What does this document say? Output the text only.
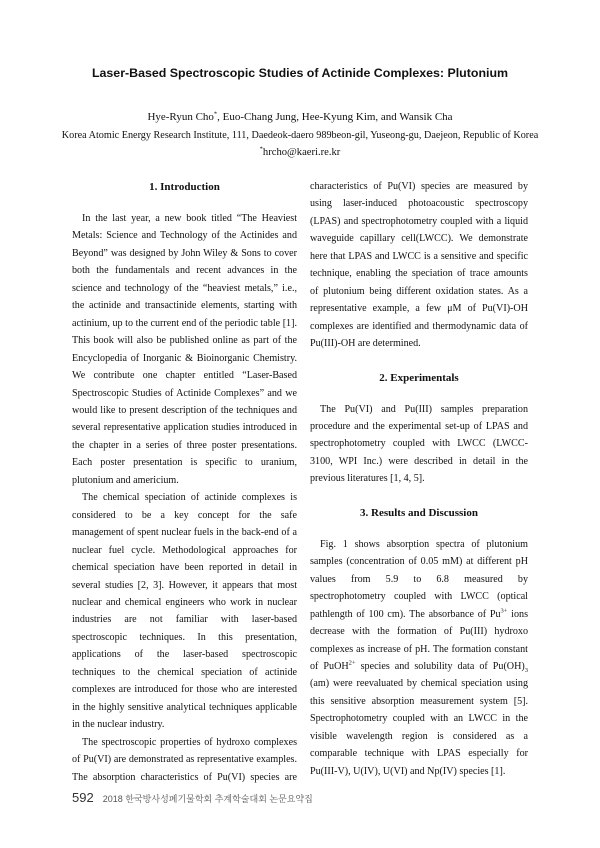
Laser-Based Spectroscopic Studies of Actinide Complexes: Plutonium
Hye-Ryun Cho*, Euo-Chang Jung, Hee-Kyung Kim, and Wansik Cha
Korea Atomic Energy Research Institute, 111, Daedeok-daero 989beon-gil, Yuseong-gu, Daejeon, Republic of Korea
*hrcho@kaeri.re.kr
1. Introduction

In the last year, a new book titled “The Heaviest Metals: Science and Technology of the Actinides and Beyond” was designed by John Wiley & Sons to cover both the fundamentals and recent advances in the science and technology of the “heaviest metals,” i.e., the actinide and transactinide elements, starting with actinium, up to the current end of the periodic table [1]. This book will also be published online as part of the Encyclopedia of Inorganic & Bioinorganic Chemistry. We contribute one chapter entitled “Laser-Based Spectroscopic Studies of Actinide Complexes” and we would like to present description of the techniques and several representative application studies introduced in the chapter in a series of three poster presentations. Each poster presentation is specific to uranium, plutonium and americium.

The chemical speciation of actinide complexes is considered to be a key concept for the safe management of spent nuclear fuels in the back-end of a nuclear fuel cycle. Methodological approaches for chemical speciation have been reported in detail in several studies [2, 3]. However, it appears that most nuclear and chemical engineers who work in nuclear industries are not familiar with laser-based spectroscopic techniques. In this presentation, applications of the laser-based spectroscopic techniques to the chemical speciation of actinide complexes are introduced for those who are interested in the highly sensitive analytical techniques applicable in the nuclear industry.

The spectroscopic properties of hydroxo complexes of Pu(VI) are demonstrated as representative examples. The absorption characteristics of Pu(VI) species are

characteristics of Pu(VI) species are measured by using laser-induced photoacoustic spectroscopy (LPAS) and spectrophotometry coupled with a liquid waveguide capillary cell(LWCC). We demonstrate here that LPAS and LWCC is a sensitive and specific technique, enabling the speciation of trace amounts of plutonium being different oxidation states. As a representative example, a few μM of Pu(VI)-OH complexes are identified and thermodynamic data of Pu(III)-OH are determined.

2. Experimentals

The Pu(VI) and Pu(III) samples preparation procedure and the experimental set-up of LPAS and spectrophotometry coupled with LWCC (LWCC-3100, WPI Inc.) were described in detail in the previous literatures [1, 4, 5].

3. Results and Discussion

Fig. 1 shows absorption spectra of plutonium samples (concentration of 0.05 mM) at different pH values from 5.9 to 6.8 measured by spectrophotometry coupled with LWCC (optical pathlength of 100 cm). The absorbance of $Pu^{3+}$ ions decrease with the formation of Pu(III) hydroxo complexes as increase of pH. The formation constant of PuOH$^{2+}$ species and solubility data of $Pu(OH)_3$ (am) were reevaluated by chemical speciation using this sensitive absorption measurement system [5]. Spectrophotometry coupled with an LWCC in the visible wavelength region is considered as a comparable technique with LPAS especially for Pu(III-V), U(IV), U(VI) and Np(IV) species [1].

592 2018 한국방사성폐기물학회 추계학술대회 논문요약집
